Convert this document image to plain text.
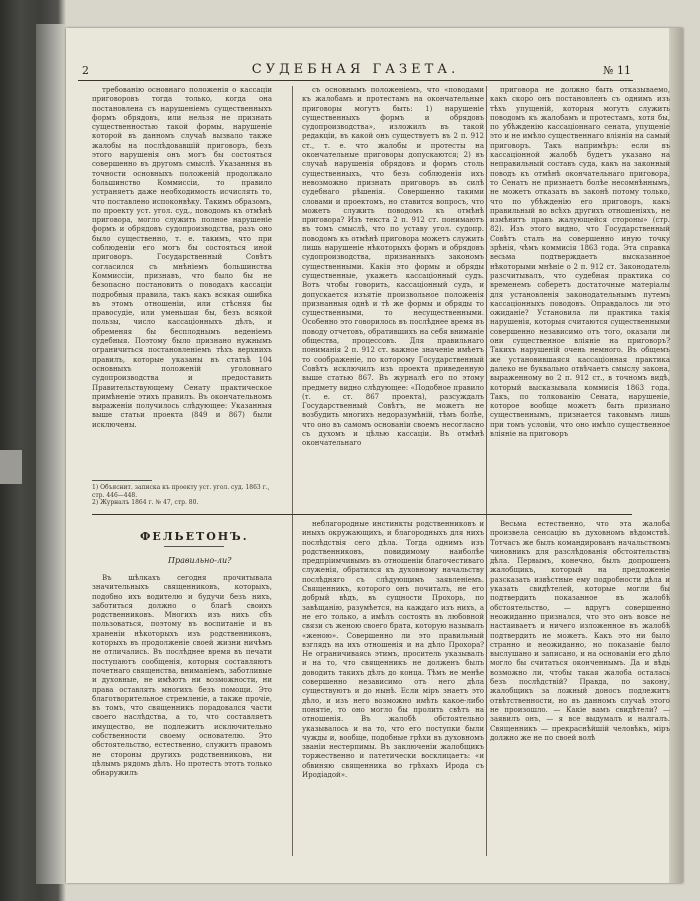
2	СУДЕБНАЯ ГАЗЕТА.	№ 11

требованію основнаго положенія о кассаціи приговоровъ тогда только, когда она постановлена съ нарушеніемъ существенныхъ формъ обрядовъ, или нельзя не признать существенностью такой формы, нарушеніе которой въ данномъ случаѣ вызвало также жалобы на послѣдовавшій приговоръ, безъ этого нарушенія онъ могъ бы состояться совершенно въ другомъ смыслѣ. Указанныя въ точности основныхъ положеній продолжало большинство Коммиссіи, то правило устраняетъ даже необходимость исчислять то, что поставлено испоконвѣку. Такимъ образомъ, по проекту уст. угол. суд., поводомъ къ отмѣнѣ приговора, могло служить полное нарушеніе формъ и обрядовъ судопроизводства, разъ оно было существенно, т. е. такимъ, что при соблюденіи его могъ бы состояться иной приговоръ. Государственный Совѣтъ согласился съ мнѣніемъ большинства Коммиссіи, признавъ, что было бы не безопасно постановить о поводахъ кассаціи подробныя правила, такъ какъ всякая ошибка въ этомъ отношеніи, или стѣсняя бы правосудіе, или уменьшая бы, безъ всякой пользы, число кассаціонныхъ дѣлъ, и обременяя бы бесплоднымъ веденіемъ судебныя. Поэтому было признано нужнымъ ограничиться постановленіемъ тѣхъ верхнихъ правилъ, которые указаны въ статьѣ 104 основныхъ положеній уголовнаго судопроизводства и предоставить Правительствующему Сенату практическое примѣненіе этихъ правилъ. Въ окончательномъ выраженіи получилось слѣдующее: Указанныя выше статьи проекта (849 и 867) были исключены.

съ основнымъ положеніемъ, что «поводами къ жалобамъ и протестамъ на окончательные приговоры могутъ быть: 1) нарушеніе существенныхъ формъ и обрядовъ судопроизводства», изложилъ въ такой редакціи, въ какой онъ существуетъ въ 2 п. 912 ст., т. е. что жалобы и протесты на окончательные приговоры допускаются; 2) въ случаѣ нарушенія обрядовъ и формъ столь существенныхъ, что безъ соблюденія ихъ невозможно признать приговоръ въ силѣ судебнаго рѣшенія. Совершенно такими словами и проектомъ, но ставится вопросъ, что можетъ служить поводомъ къ отмѣнѣ приговора? Изъ текста 2 п. 912 ст. понимаютъ въ томъ смыслѣ, что по уставу угол. судопр. поводомъ къ отмѣнѣ приговора можетъ служить лишь нарушеніе нѣкоторыхъ формъ и обрядовъ судопроизводства, признанныхъ закономъ существенными. Какія это формы и обряды существенные, укажетъ кассаціонный судъ. Вотъ чтобы говорить, кассаціонный судъ, и допускается изъятіе произвольное положенія признанныя однѣ и тѣ же формы и обряды то существенными, то несущественными. Особенно это говорилось въ послѣднее время въ поводу отчетовъ, обратившихъ на себя вниманіе общества, процессовъ. Для правильнаго пониманія 2 п. 912 ст. важное значеніе имѣетъ то соображеніе, по которому Государственный Совѣтъ исключилъ изъ проекта приведенную выше статью 867. Въ журналѣ его по этому предмету видно слѣдующее: «Подобное правило (т. е. ст. 867 проекта), разсуждалъ Государственный Совѣтъ, не можетъ не возбудить многихъ недоразумѣній, тѣмъ болѣе, что оно въ самомъ основаніи своемъ несогласно съ духомъ и цѣлью кассаціи. Въ отмѣнѣ окончательнаго

приговора не должно быть отказываемо, какъ скоро онъ постановленъ съ однимъ изъ тѣхъ упущеній, которыя могутъ служить поводомъ къ жалобамъ и протестамъ, хотя бы, по убѣжденію кассаціоннаго сената, упущеніе это и не имѣло существеннаго вліянія на самый приговоръ. Такъ напримѣръ: если въ кассаціонной жалобѣ будетъ указано на неправильный составъ суда, какъ на законный поводъ къ отмѣнѣ окончательнаго приговора, то Сенатъ не признаетъ болѣе несомнѣннымъ, не можетъ отказать въ законѣ потому только, что по убѣжденію его приговоръ, какъ правильный во всѣхъ другихъ отношеніяхъ, не измѣнитъ правъ жалующейся стороны» (стр. 82). Изъ этого видно, что Государственный Совѣтъ сталъ на совершенно иную точку зрѣнія, чѣмъ коммисія 1863 года. Эта справка весьма подтверждаетъ высказанное нѣкоторыми мнѣніе о 2 п. 912 ст. Законодатель разсчитывалъ, что судебная практика со временемъ соберетъ достаточные матеріалы для установленія законодательнымъ путемъ кассаціонныхъ поводовъ. Оправдалось ли это ожиданіе? Установила ли практика такія нарушенія, которыя считаются существенными совершенно независимо отъ того, оказали ли они существенное вліяніе на приговоръ? Такихъ нарушеній очень немного. Въ общемъ же установившаяся кассаціонная практика далеко не буквально отвѣчаетъ смыслу закона, выраженному во 2 п. 912 ст., в точномъ видѣ, который высказывала коммисія 1863 года. Такъ, по толкованію Сената, нарушеніе, которое вообще можетъ быть признано существеннымъ, признается таковымъ лишь при томъ условіи, что оно имѣло существенное вліяніе на приговоръ

1) Объяснит. записка къ проекту уст. угол. суд. 1863 г., стр. 446—448.
2) Журналъ 1864 г. № 47, стр. 80.
ФЕЛЬЕТОНЪ.
Правильно-ли?

Въ шѣлкахъ сегодня прочитывала значительныхъ священниковъ, которыхъ, подобно ихъ водителю и будучи безъ нихъ, заботиться должно о благѣ своихъ родственниковъ. Многихъ изъ нихъ сбъ пользоваться, поэтому въ воспитаніе и въ храненіи нѣкоторыхъ изъ родственниковъ, которыхъ въ продолженіе своей жизни ничѣмъ не отличались. Въ послѣднее время въ печати поступаютъ сообщенія, которыя составляютъ почетнаго священства, вниманіемъ, заботливые и духовные, не имѣютъ ни возможности, ни права оставлять многихъ безъ помощи. Это благотворительное стремленіе, а также прочіе, въ томъ, что священникъ порадовался части своего наслѣдства, а то, что составляетъ имущество, не подлежитъ исключительно собственности своему основателю. Это обстоятельство, естественно, служитъ правомъ не стороны другихъ родственниковъ, ни цѣлымъ рядомъ дѣлъ. Но протестъ этотъ только обнаружилъ

неблагородные инстинкты родственниковъ и иныхъ окружающихъ, и благородныхъ для нихъ послѣдствія сего дѣла. Тогда однимъ изъ родственниковъ, повидимому наиболѣе предпріимчивымъ въ отношеніи благочестиваго служенія, обратился къ духовному начальству послѣдняго съ слѣдующимъ заявленіемъ. Священникъ, которого онъ почиталъ, не его добрый вѣдъ, въ сущности Прохорь, по завѣщанію, разумѣется, на каждаго изъ нихъ, а не его только, а имѣлъ состоять въ любовной связи съ женою своего брата, которую называлъ «женою». Совершенно ли это правильный взглядъ на ихъ отношенія и на дѣло Прохора? Не ограничиваясь этимъ, проситель указывалъ и на то, что священникъ не долженъ былъ доводить такихъ дѣлъ до конца. Тѣмъ не менѣе совершенно независимо отъ него дѣла существуютъ и до нынѣ. Если міръ знаетъ это дѣло, и изъ него возможно имѣть какое-либо понятіе, то оно могло бы пролить свѣтъ на отношенія. Въ жалобѣ обстоятельно указывалось и на то, что его поступки были чужды и, вообще, подобные грѣхи въ духовномъ званіи нестерпимы. Въ заключеніи жалобщикъ торжественно и патетически восклицаетъ: «и обвиняю священника во грѣхахъ Ирода съ Иродіадой».

Весьма естественно, что эта жалоба произвела сенсацію въ духовномъ вѣдомствѣ. Тотчасъ же былъ командированъ начальствомъ чиновникъ для разслѣдованія обстоятельствъ дѣла. Первымъ, конечно, былъ допрошенъ жалобщикъ, который на предложеніе разсказать извѣстные ему подробности дѣла и указать свидѣтелей, которые могли бы подтвердить показанное въ жалобѣ обстоятельство, — вдругъ совершенно неожиданно признался, что это онъ вовсе не настаиваетъ и ничего изложенное въ жалобѣ подтвердить не можетъ. Какъ это ни было странно и неожиданно, но показаніе было выслушано и записано, и на основаніи его дѣло могло бы считаться оконченнымъ. Да и вѣдь возможно ли, чтобы такая жалоба осталась безъ послѣдствій? Правда, по закону, жалобщикъ за ложный доносъ подлежитъ отвѣтственности, но въ данномъ случаѣ этого не произошло. — Какіе вамъ свидѣтели? — заявилъ онъ, — я все выдумалъ и налгалъ. Священникъ — прекраснѣйшій человѣкъ, міръ должно же не по своей волѣ
